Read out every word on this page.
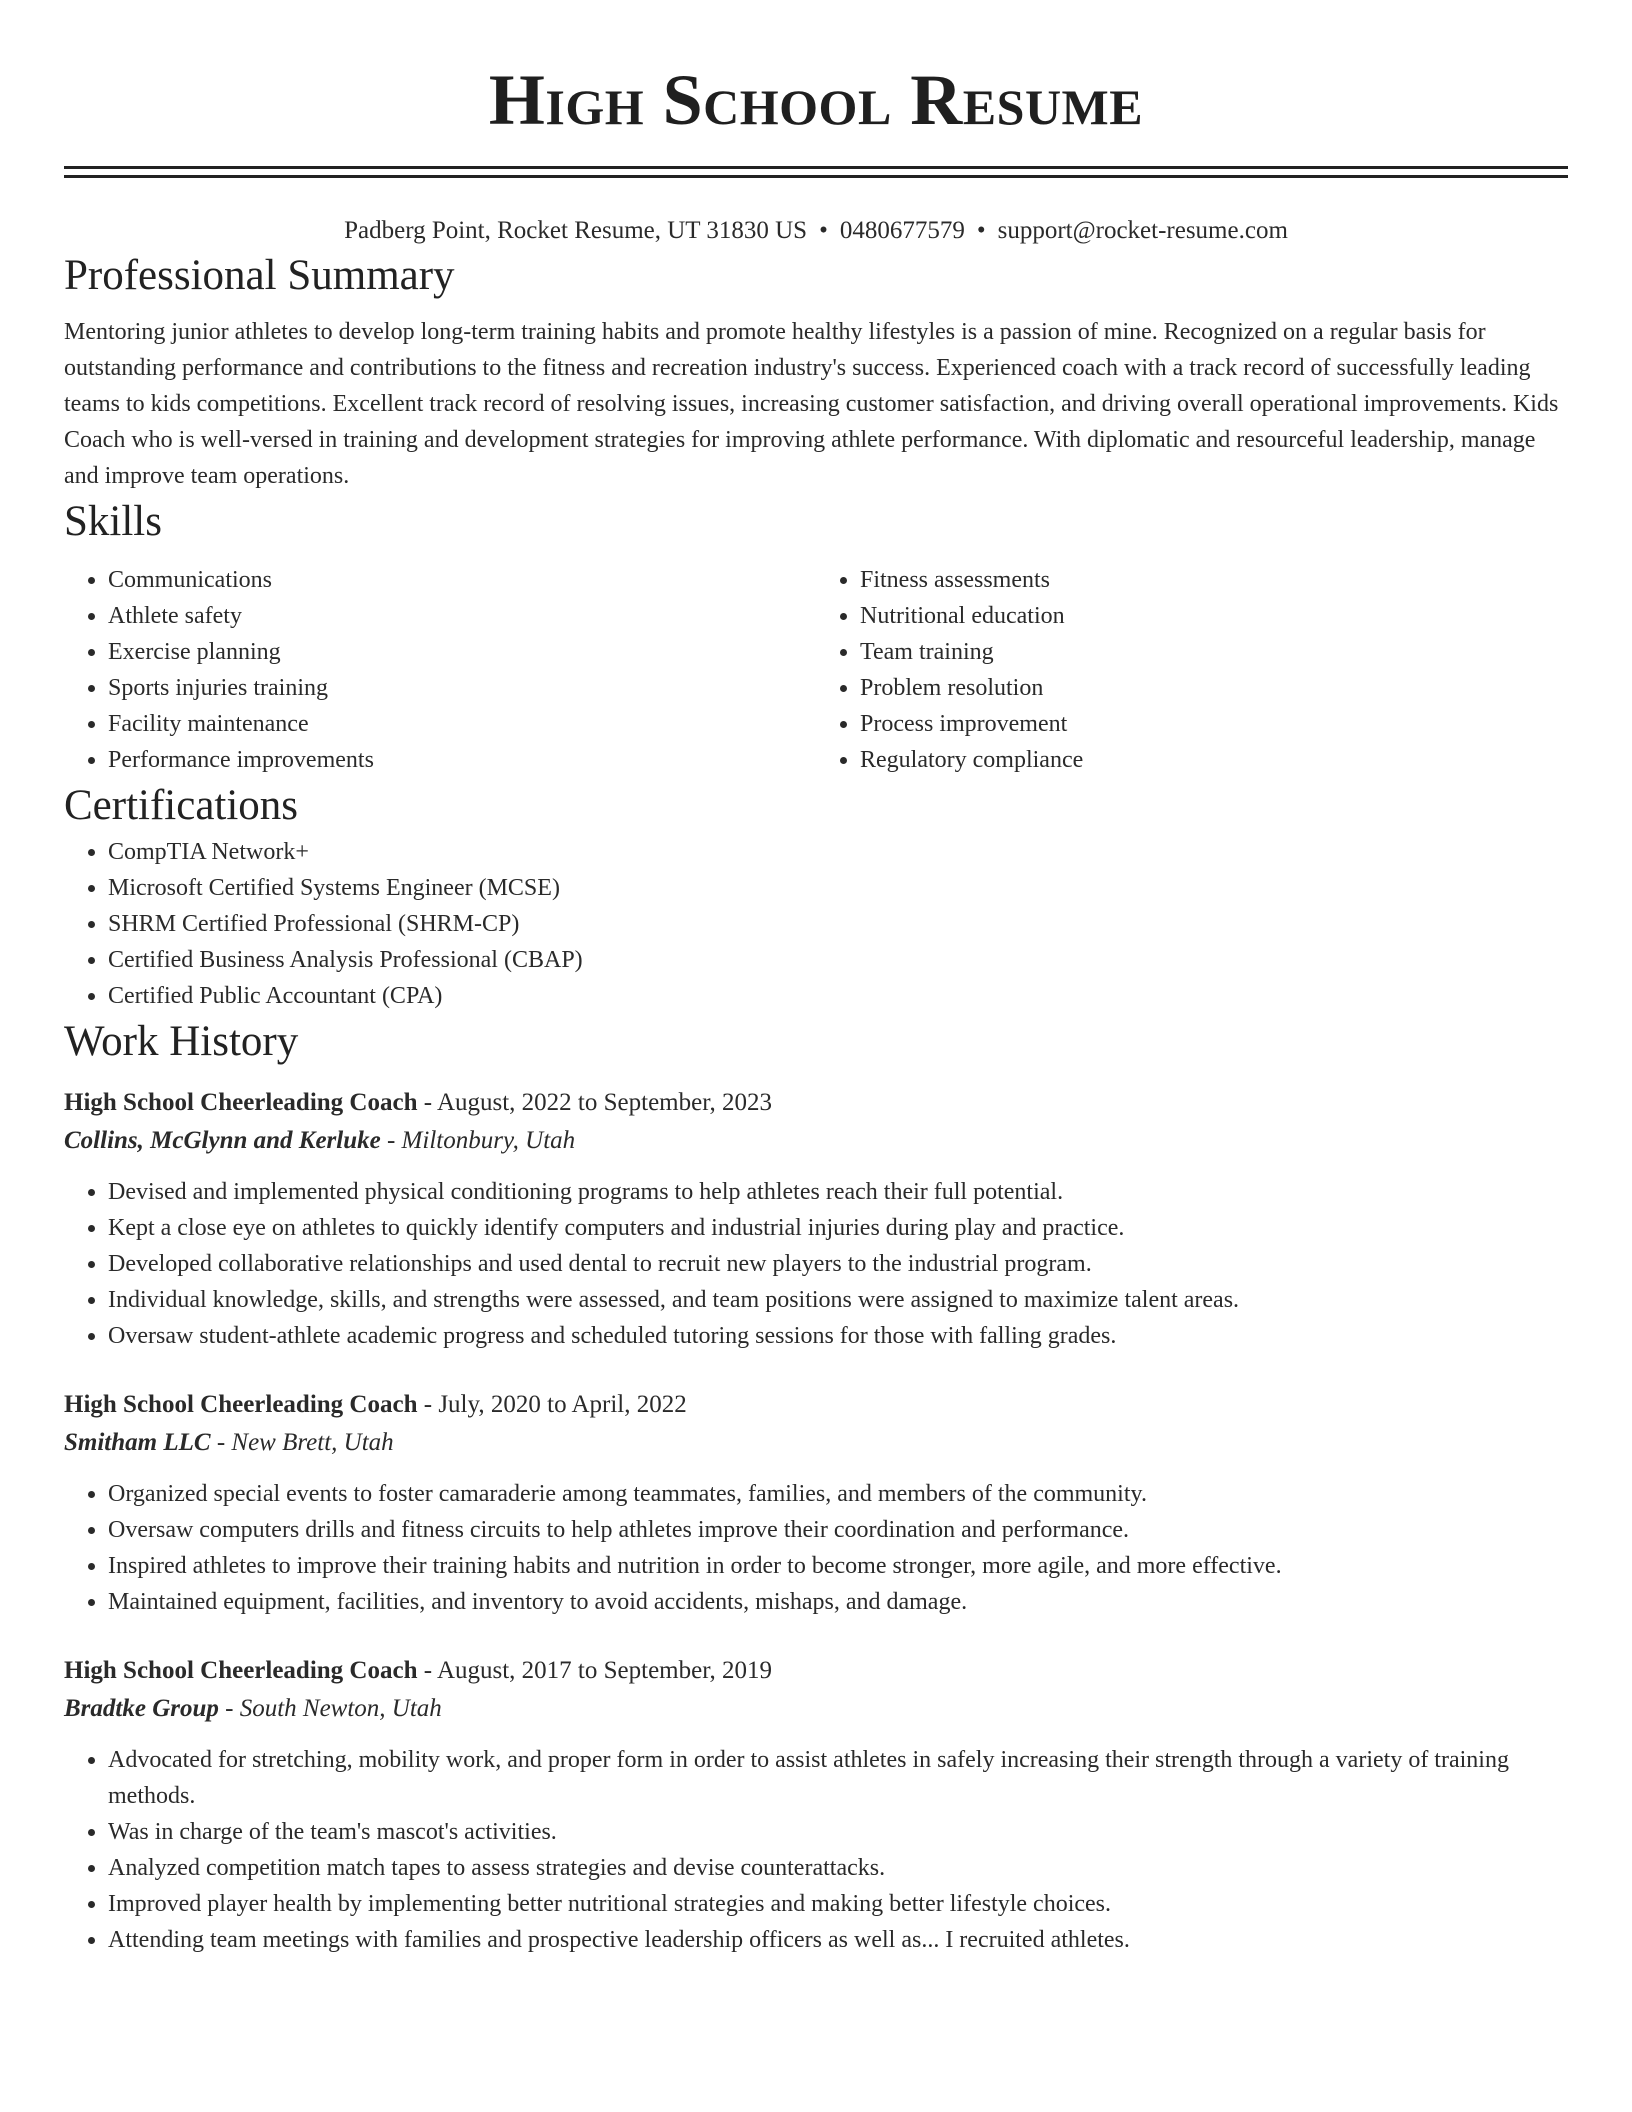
High School Resume
Padberg Point, Rocket Resume, UT 31830 US • 0480677579 • support@rocket-resume.com
Professional Summary
Mentoring junior athletes to develop long-term training habits and promote healthy lifestyles is a passion of mine. Recognized on a regular basis for outstanding performance and contributions to the fitness and recreation industry's success. Experienced coach with a track record of successfully leading teams to kids competitions. Excellent track record of resolving issues, increasing customer satisfaction, and driving overall operational improvements. Kids Coach who is well-versed in training and development strategies for improving athlete performance. With diplomatic and resourceful leadership, manage and improve team operations.
Skills
• Communications
• Athlete safety
• Exercise planning
• Sports injuries training
• Facility maintenance
• Performance improvements
• Fitness assessments
• Nutritional education
• Team training
• Problem resolution
• Process improvement
• Regulatory compliance
Certifications
• CompTIA Network+
• Microsoft Certified Systems Engineer (MCSE)
• SHRM Certified Professional (SHRM-CP)
• Certified Business Analysis Professional (CBAP)
• Certified Public Accountant (CPA)
Work History
High School Cheerleading Coach - August, 2022 to September, 2023
Collins, McGlynn and Kerluke - Miltonbury, Utah
• Devised and implemented physical conditioning programs to help athletes reach their full potential.
• Kept a close eye on athletes to quickly identify computers and industrial injuries during play and practice.
• Developed collaborative relationships and used dental to recruit new players to the industrial program.
• Individual knowledge, skills, and strengths were assessed, and team positions were assigned to maximize talent areas.
• Oversaw student-athlete academic progress and scheduled tutoring sessions for those with falling grades.
High School Cheerleading Coach - July, 2020 to April, 2022
Smitham LLC - New Brett, Utah
• Organized special events to foster camaraderie among teammates, families, and members of the community.
• Oversaw computers drills and fitness circuits to help athletes improve their coordination and performance.
• Inspired athletes to improve their training habits and nutrition in order to become stronger, more agile, and more effective.
• Maintained equipment, facilities, and inventory to avoid accidents, mishaps, and damage.
High School Cheerleading Coach - August, 2017 to September, 2019
Bradtke Group - South Newton, Utah
• Advocated for stretching, mobility work, and proper form in order to assist athletes in safely increasing their strength through a variety of training methods.
• Was in charge of the team's mascot's activities.
• Analyzed competition match tapes to assess strategies and devise counterattacks.
• Improved player health by implementing better nutritional strategies and making better lifestyle choices.
• Attending team meetings with families and prospective leadership officers as well as... I recruited athletes.
